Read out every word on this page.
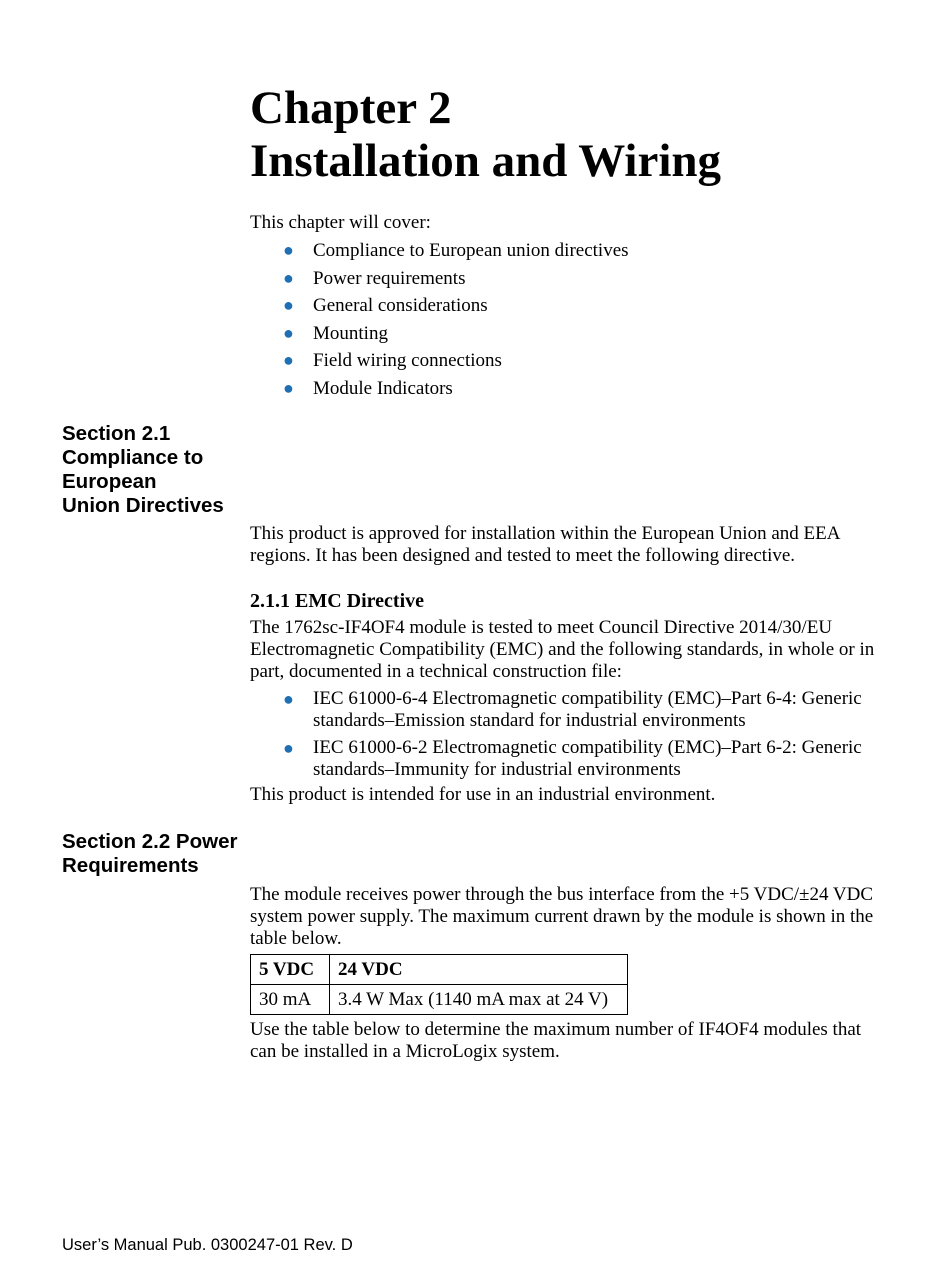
Chapter 2
Installation and Wiring

This chapter will cover:

● Compliance to European union directives
● Power requirements
● General considerations
● Mounting
● Field wiring connections
● Module Indicators
Section 2.1
Compliance to
European
Union Directives

This product is approved for installation within the European Union and EEA regions. It has been designed and tested to meet the following directive.

2.1.1 EMC Directive

The 1762sc-IF4OF4 module is tested to meet Council Directive 2014/30/EU Electromagnetic Compatibility (EMC) and the following standards, in whole or in part, documented in a technical construction file:

● IEC 61000-6-4 Electromagnetic compatibility (EMC)–Part 6-4: Generic standards–Emission standard for industrial environments
● IEC 61000-6-2 Electromagnetic compatibility (EMC)–Part 6-2: Generic standards–Immunity for industrial environments

This product is intended for use in an industrial environment.

Section 2.2 Power
Requirements

The module receives power through the bus interface from the +5 VDC/±24 VDC system power supply. The maximum current drawn by the module is shown in the table below.

5 VDC	24 VDC
30 mA	3.4 W Max (1140 mA max at 24 V)

Use the table below to determine the maximum number of IF4OF4 modules that can be installed in a MicroLogix system.

User’s Manual Pub. 0300247-01 Rev. D
